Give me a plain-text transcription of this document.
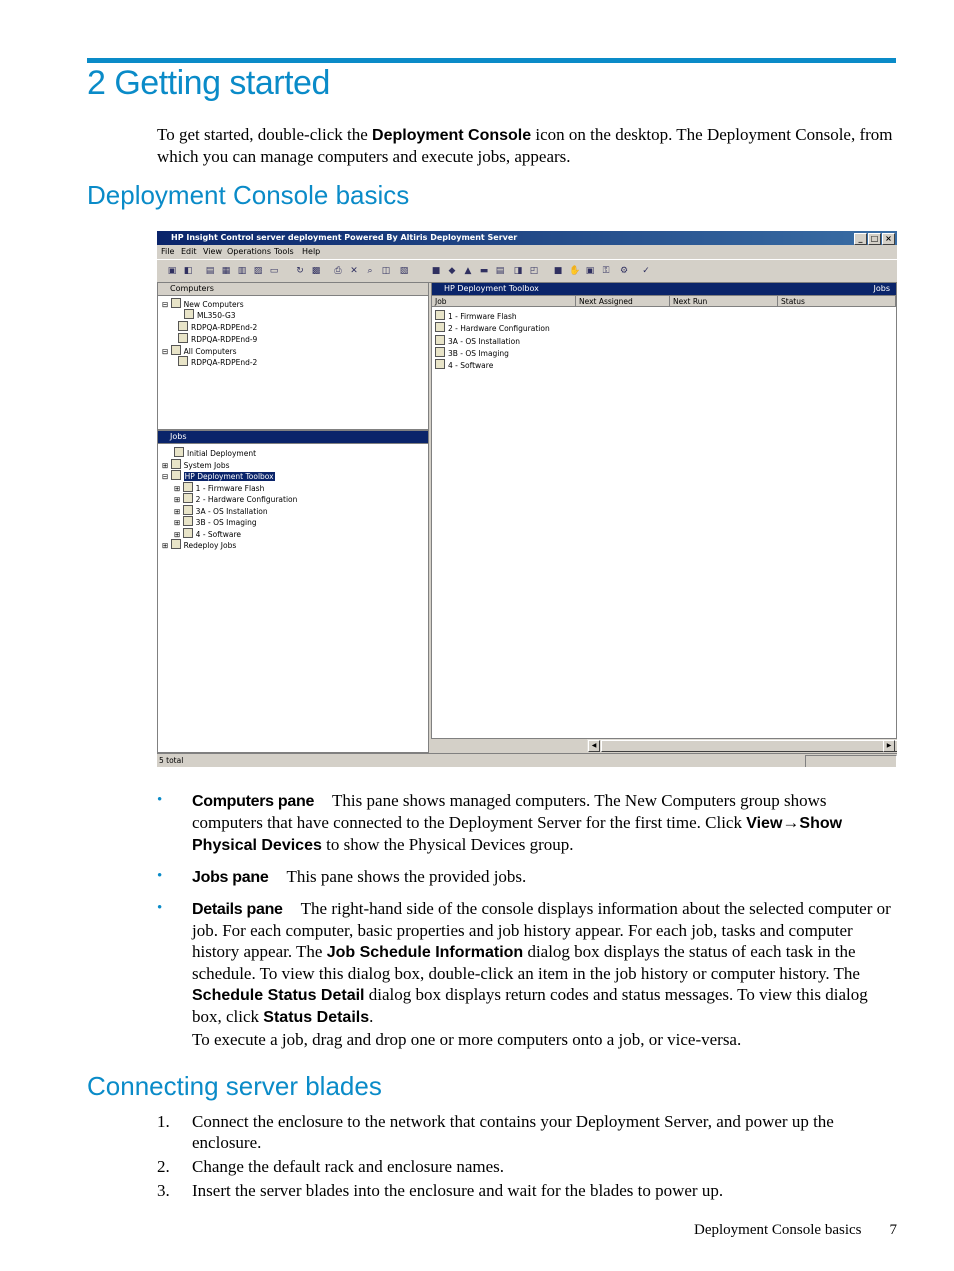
2 Getting started

To get started, double-click the Deployment Console icon on the desktop. The Deployment Console, from which you can manage computers and execute jobs, appears.

Deployment Console basics
HP Insight Control server deployment Powered By Altiris Deployment Server	_	□ ×
File Edit View Operations Tools Help
▣ ◧ ▤ ▦ ▥ ▨ ▭ ↻ ▩ ⎙ ✕ ⌕ ◫ ▧	■ ◆ ▲ ▬ ▤ ◨ ◰ ■ ✋ ▣ ⚿ ⚙ ✓
Computers
⊟ New Computers
ML350-G3
RDPQA-RDPEnd-2
RDPQA-RDPEnd-9
⊟ All Computers
RDPQA-RDPEnd-2
Jobs
Initial Deployment
⊞ System Jobs
⊟ HP Deployment Toolbox
⊞ 1 - Firmware Flash
⊞ 2 - Hardware Configuration
⊞ 3A - OS Installation
⊞ 3B - OS Imaging
⊞ 4 - Software
⊞ Redeploy Jobs
HP Deployment Toolbox	Jobs
Job	Next Assigned	Next Run	Status
1 - Firmware Flash
2 - Hardware Configuration
3A - OS Installation
3B - OS Imaging
4 - Software
◀	▶
5 total
• Computers pane This pane shows managed computers. The New Computers group shows computers that have connected to the Deployment Server for the first time. Click View→Show Physical Devices to show the Physical Devices group.
• Jobs pane This pane shows the provided jobs.
• Details pane The right-hand side of the console displays information about the selected computer or job. For each computer, basic properties and job history appear. For each job, tasks and computer history appear. The Job Schedule Information dialog box displays the status of each task in the schedule. To view this dialog box, double-click an item in the job history or computer history. The Schedule Status Detail dialog box displays return codes and status messages. To view this dialog box, click Status Details.

To execute a job, drag and drop one or more computers onto a job, or vice-versa.

Connecting server blades
1. Connect the enclosure to the network that contains your Deployment Server, and power up the enclosure.
2. Change the default rack and enclosure names.
3. Insert the server blades into the enclosure and wait for the blades to power up.
Deployment Console basics 7
